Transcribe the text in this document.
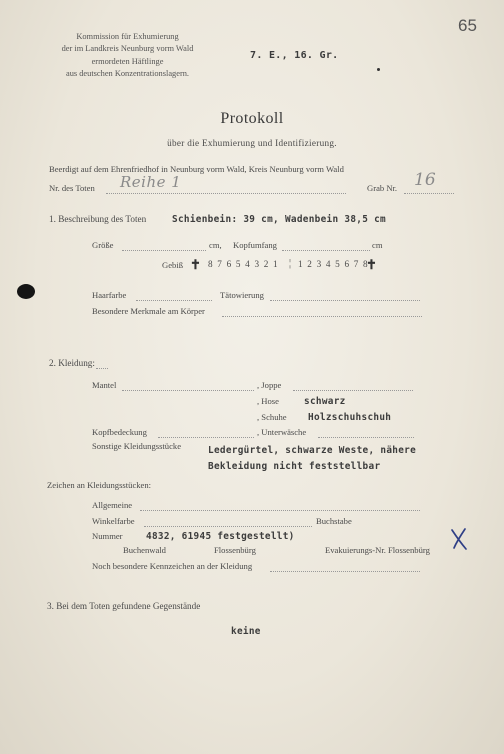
65
Kommission für Exhumierung
der im Landkreis Neunburg vorm Wald
ermordeten Häftlinge
aus deutschen Konzentrationslagern.
7. E., 16. Gr.
Protokoll
über die Exhumierung und Identifizierung.
Beerdigt auf dem Ehrenfriedhof in Neunburg vorm Wald, Kreis Neunburg vorm Wald
Nr. des Toten Reihe 1	Grab Nr. 16
1. Beschreibung des Toten	Schienbein: 39 cm, Wadenbein 38,5 cm
Größe	cm, Kopfumfang	cm
Gebiß ✝ 8 7 6 5 4 3 2 1 ¦ 1 2 3 4 5 6 7 8
✝
Haarfarbe	Tätowierung
Besondere Merkmale am Körper
2. Kleidung:
Mantel	, Joppe
, Hose	schwarz
, Schuhe Holzschuhschuh
Kopfbedeckung	, Unterwäsche
Sonstige Kleidungsstücke	Ledergürtel, schwarze Weste, nähere
Bekleidung nicht feststellbar
Zeichen an Kleidungsstücken:
Allgemeine
Winkelfarbe	Buchstabe
Nummer 4832, 61945 festgestellt)
Buchenwald	Flossenbürg	Evakuierungs-Nr. Flossenbürg
Noch besondere Kennzeichen an der Kleidung
3. Bei dem Toten gefundene Gegenstände
keine
